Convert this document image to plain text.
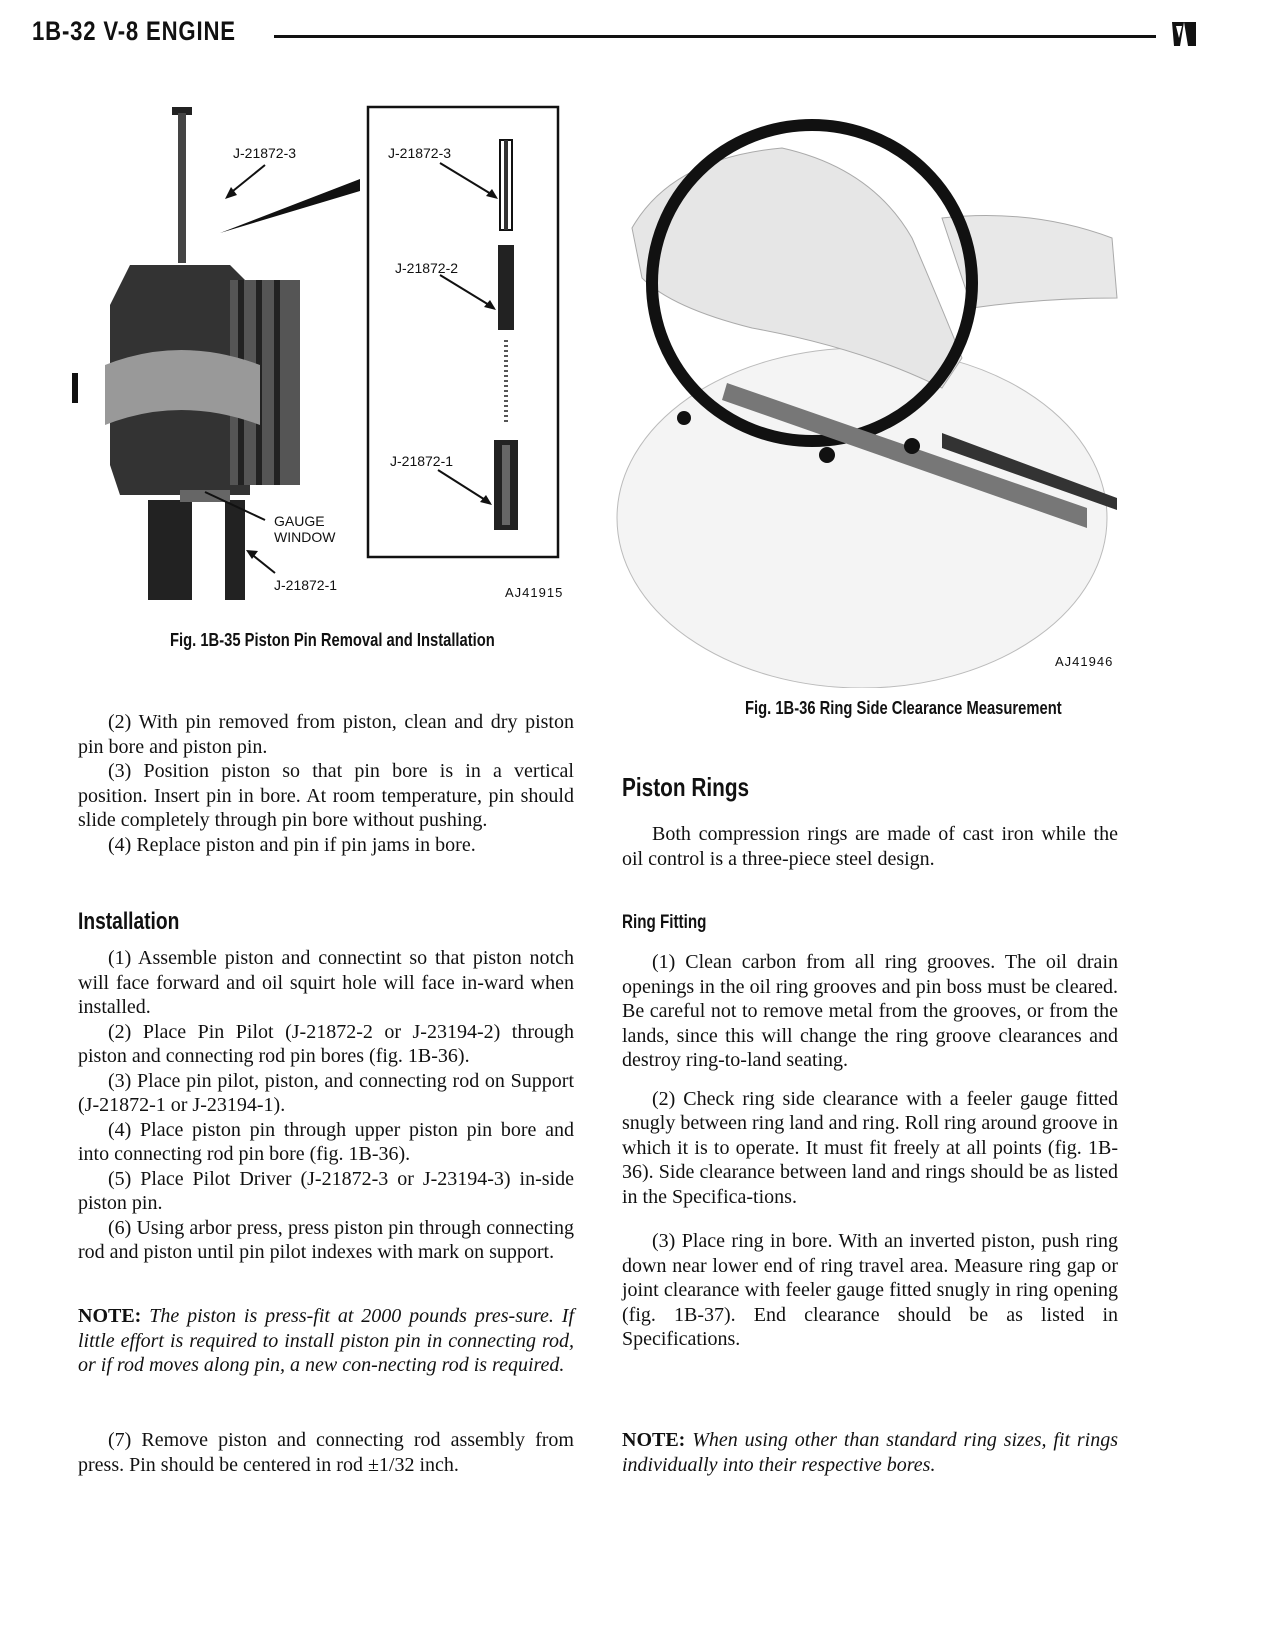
1B-32 V-8 ENGINE
J-21872-3	J-21872-3
J-21872-2
J-21872-1
GAUGE
WINDOW
J-21872-1	AJ41915
Fig. 1B-35 Piston Pin Removal and Installation
AJ41946
Fig. 1B-36 Ring Side Clearance Measurement

(2) With pin removed from piston, clean and dry piston pin bore and piston pin.

(3) Position piston so that pin bore is in a vertical position. Insert pin in bore. At room temperature, pin should slide completely through pin bore without pushing.

(4) Replace piston and pin if pin jams in bore.

Installation

(1) Assemble piston and connectint so that piston notch will face forward and oil squirt hole will face in-ward when installed.

(2) Place Pin Pilot (J-21872-2 or J-23194-2) through piston and connecting rod pin bores (fig. 1B-36).

(3) Place pin pilot, piston, and connecting rod on Support (J-21872-1 or J-23194-1).

(4) Place piston pin through upper piston pin bore and into connecting rod pin bore (fig. 1B-36).

(5) Place Pilot Driver (J-21872-3 or J-23194-3) in-side piston pin.

(6) Using arbor press, press piston pin through connecting rod and piston until pin pilot indexes with mark on support.

NOTE: The piston is press-fit at 2000 pounds pres-sure. If little effort is required to install piston pin in connecting rod, or if rod moves along pin, a new con-necting rod is required.

(7) Remove piston and connecting rod assembly from press. Pin should be centered in rod ±1/32 inch.

Piston Rings

Both compression rings are made of cast iron while the oil control is a three-piece steel design.

Ring Fitting

(1) Clean carbon from all ring grooves. The oil drain openings in the oil ring grooves and pin boss must be cleared. Be careful not to remove metal from the grooves, or from the lands, since this will change the ring groove clearances and destroy ring-to-land seating.

(2) Check ring side clearance with a feeler gauge fitted snugly between ring land and ring. Roll ring around groove in which it is to operate. It must fit freely at all points (fig. 1B-36). Side clearance between land and rings should be as listed in the Specifica-tions.

(3) Place ring in bore. With an inverted piston, push ring down near lower end of ring travel area. Measure ring gap or joint clearance with feeler gauge fitted snugly in ring opening (fig. 1B-37). End clearance should be as listed in Specifications.

NOTE: When using other than standard ring sizes, fit rings individually into their respective bores.
